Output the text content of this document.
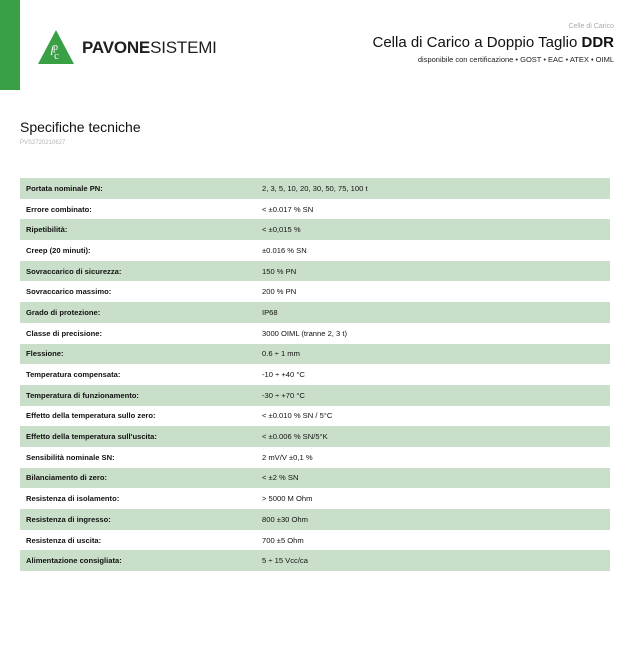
l c
p PAVONESISTEMI
Celle di Carico
Cella di Carico a Doppio Taglio DDR
disponibile con certificazione • GOST • EAC • ATEX • OIML
Specifiche tecniche
PVS2720210627
Portata nominale PN:	2, 3, 5, 10, 20, 30, 50, 75, 100 t
Errore combinato:	< ±0.017 % SN
Ripetibilità:	< ±0,015 %
Creep (20 minuti):	±0.016 % SN
Sovraccarico di sicurezza:	150 % PN
Sovraccarico massimo:	200 % PN
Grado di protezione:	IP68
Classe di precisione:	3000 OIML (tranne 2, 3 t)
Flessione:	0.6 ÷ 1 mm
Temperatura compensata:	-10 ÷ +40 °C
Temperatura di funzionamento:	-30 ÷ +70 °C
Effetto della temperatura sullo zero:	< ±0.010 % SN / 5°C
Effetto della temperatura sull'uscita:	< ±0.006 % SN/5°K
Sensibilità nominale SN:	2 mV/V ±0,1 %
Bilanciamento di zero:	< ±2 % SN
Resistenza di isolamento:	> 5000 M Ohm
Resistenza di ingresso:	800 ±30 Ohm
Resistenza di uscita:	700 ±5 Ohm
Alimentazione consigliata:	5 ÷ 15 Vcc/ca
